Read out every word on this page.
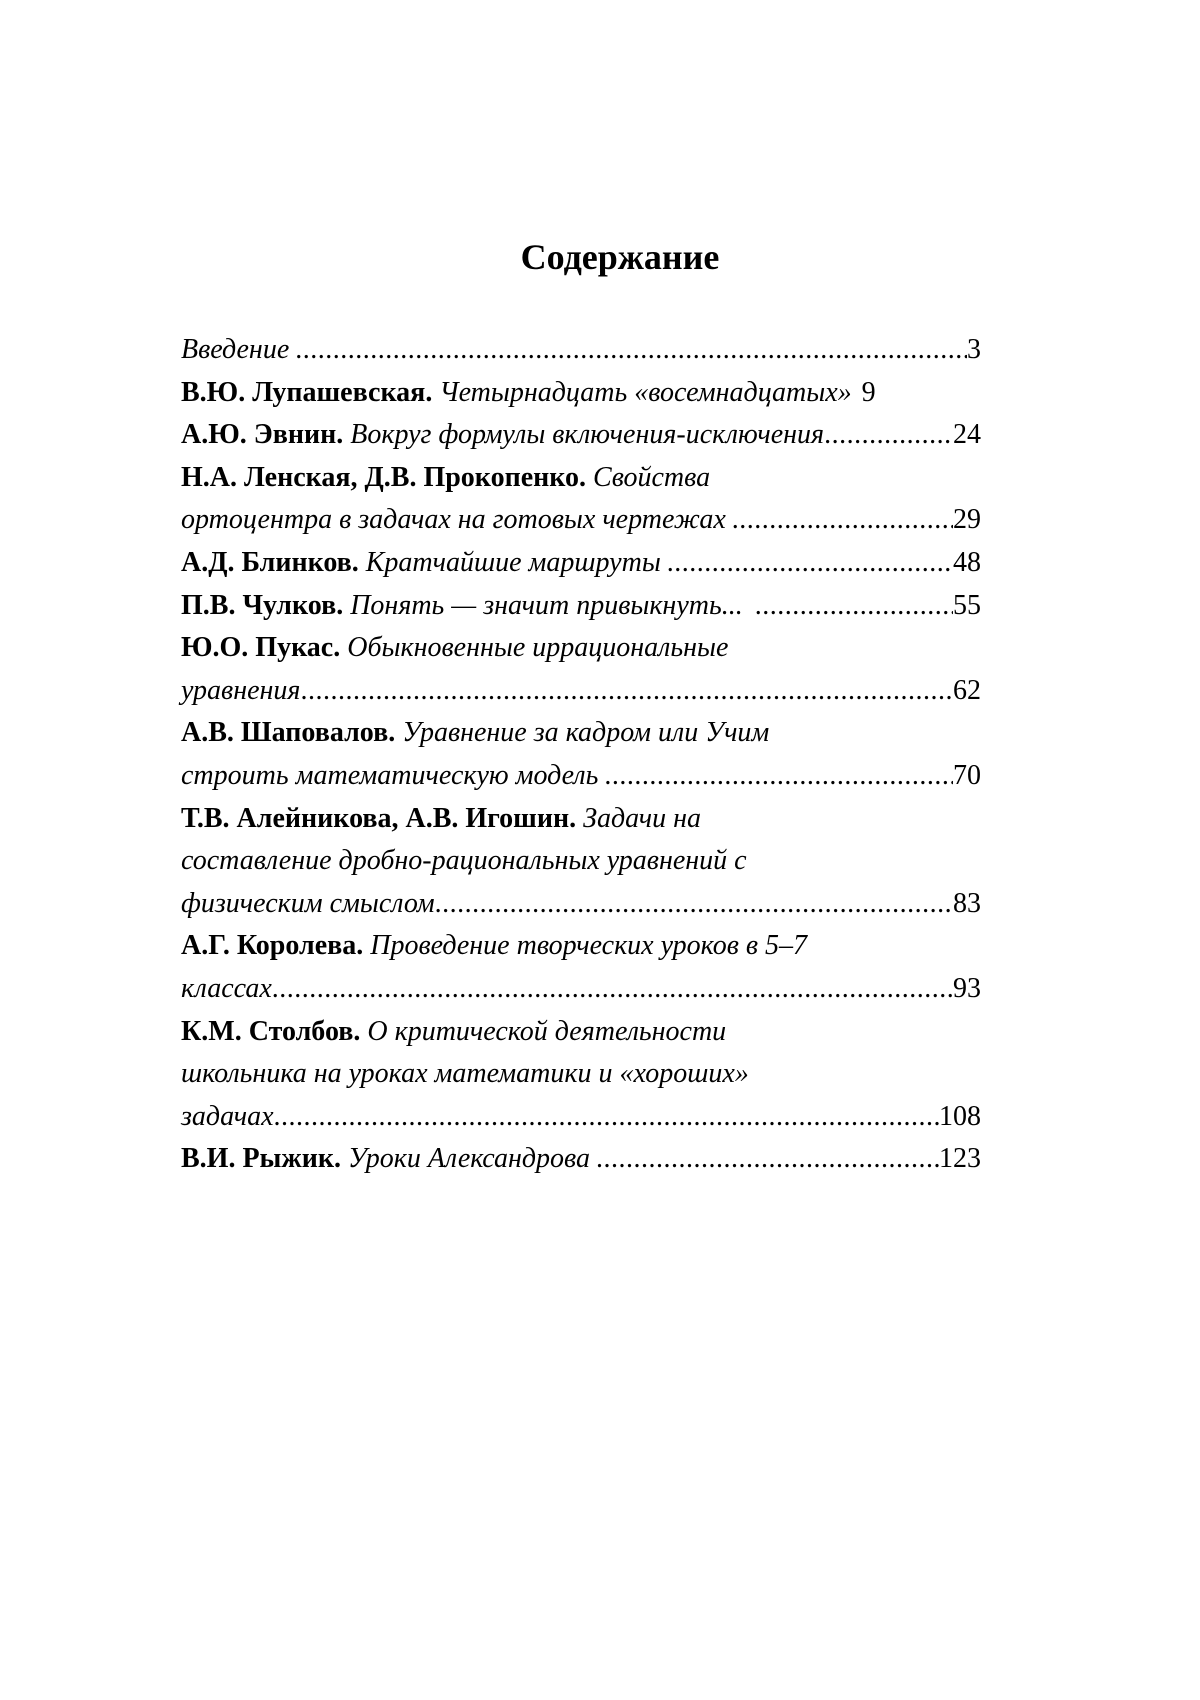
Содержание
Введение
.....	3
В.Ю. Лупашевская. Четырнадцать «восемнадцатых» 9
А.Ю. Эвнин. Вокруг формулы включения-исключения
.....	24
Н.А. Ленская, Д.В. Прокопенко. Свойства
ортоцентра в задачах на готовых чертежах
.....	29
А.Д. Блинков. Кратчайшие маршруты
.....	48
П.В. Чулков. Понять — значит привыкнуть...
.....	55
Ю.О. Пукас. Обыкновенные иррациональные
уравнения
.....	62
А.В. Шаповалов. Уравнение за кадром или Учим
строить математическую модель
.....	70
Т.В. Алейникова, А.В. Игошин. Задачи на
составление дробно-рациональных уравнений с
физическим смыслом
.....	83
А.Г. Королева. Проведение творческих уроков в 5–7
классах
.....	93
К.М. Столбов. О критической деятельности
школьника на уроках математики и «хороших»
задачах
.....	108
В.И. Рыжик. Уроки Александрова
.....	123
